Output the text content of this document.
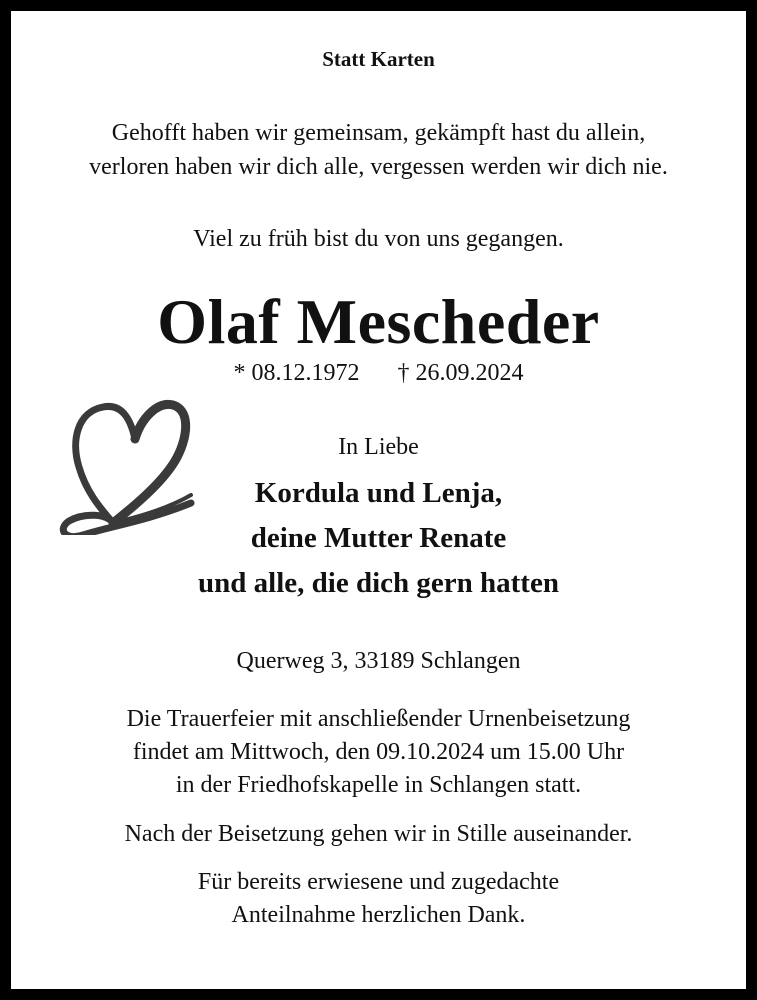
Statt Karten
Gehofft haben wir gemeinsam, gekämpft hast du allein,
verloren haben wir dich alle, vergessen werden wir dich nie.
Viel zu früh bist du von uns gegangen.
Olaf Mescheder
* 08.12.1972 † 26.09.2024
In Liebe
Kordula und Lenja,
deine Mutter Renate
und alle, die dich gern hatten
Querweg 3, 33189 Schlangen
Die Trauerfeier mit anschließender Urnenbeisetzung
findet am Mittwoch, den 09.10.2024 um 15.00 Uhr
in der Friedhofskapelle in Schlangen statt.
Nach der Beisetzung gehen wir in Stille auseinander.
Für bereits erwiesene und zugedachte
Anteilnahme herzlichen Dank.
